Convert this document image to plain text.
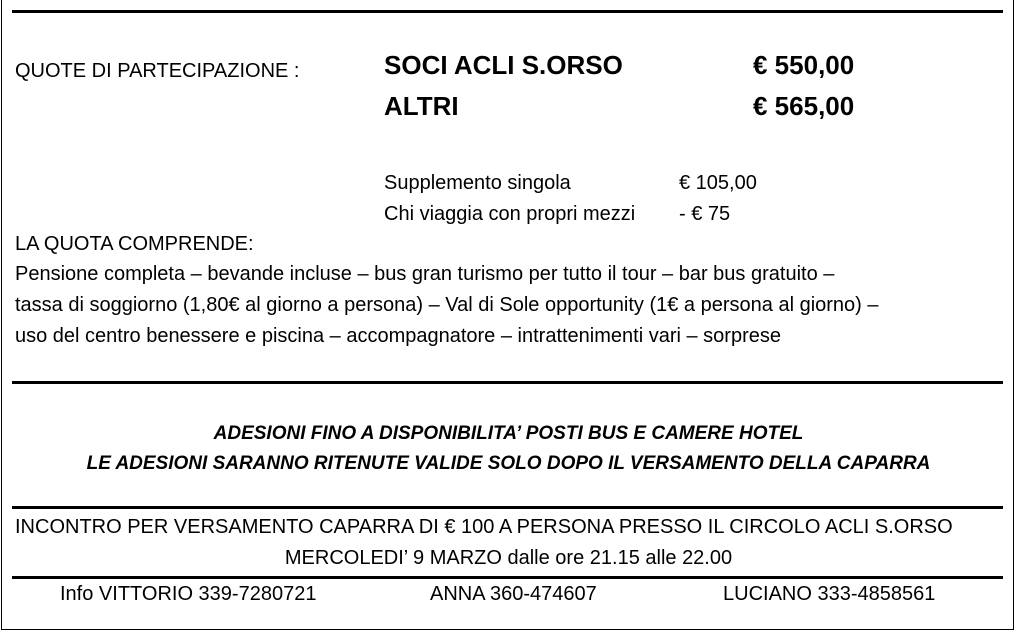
QUOTE DI PARTECIPAZIONE :	SOCI ACLI S.ORSO	€ 550,00
ALTRI	€ 565,00
Supplemento singola	€ 105,00
Chi viaggia con propri mezzi - € 75
LA QUOTA COMPRENDE:
Pensione completa – bevande incluse – bus gran turismo per tutto il tour – bar bus gratuito –
tassa di soggiorno (1,80€ al giorno a persona) – Val di Sole opportunity (1€ a persona al giorno) –
uso del centro benessere e piscina – accompagnatore – intrattenimenti vari – sorprese
ADESIONI FINO A DISPONIBILITA’ POSTI BUS E CAMERE HOTEL
LE ADESIONI SARANNO RITENUTE VALIDE SOLO DOPO IL VERSAMENTO DELLA CAPARRA
INCONTRO PER VERSAMENTO CAPARRA DI € 100 A PERSONA PRESSO IL CIRCOLO ACLI S.ORSO
MERCOLEDI’ 9 MARZO dalle ore 21.15 alle 22.00
Info VITTORIO 339-7280721	ANNA 360-474607	LUCIANO 333-4858561
